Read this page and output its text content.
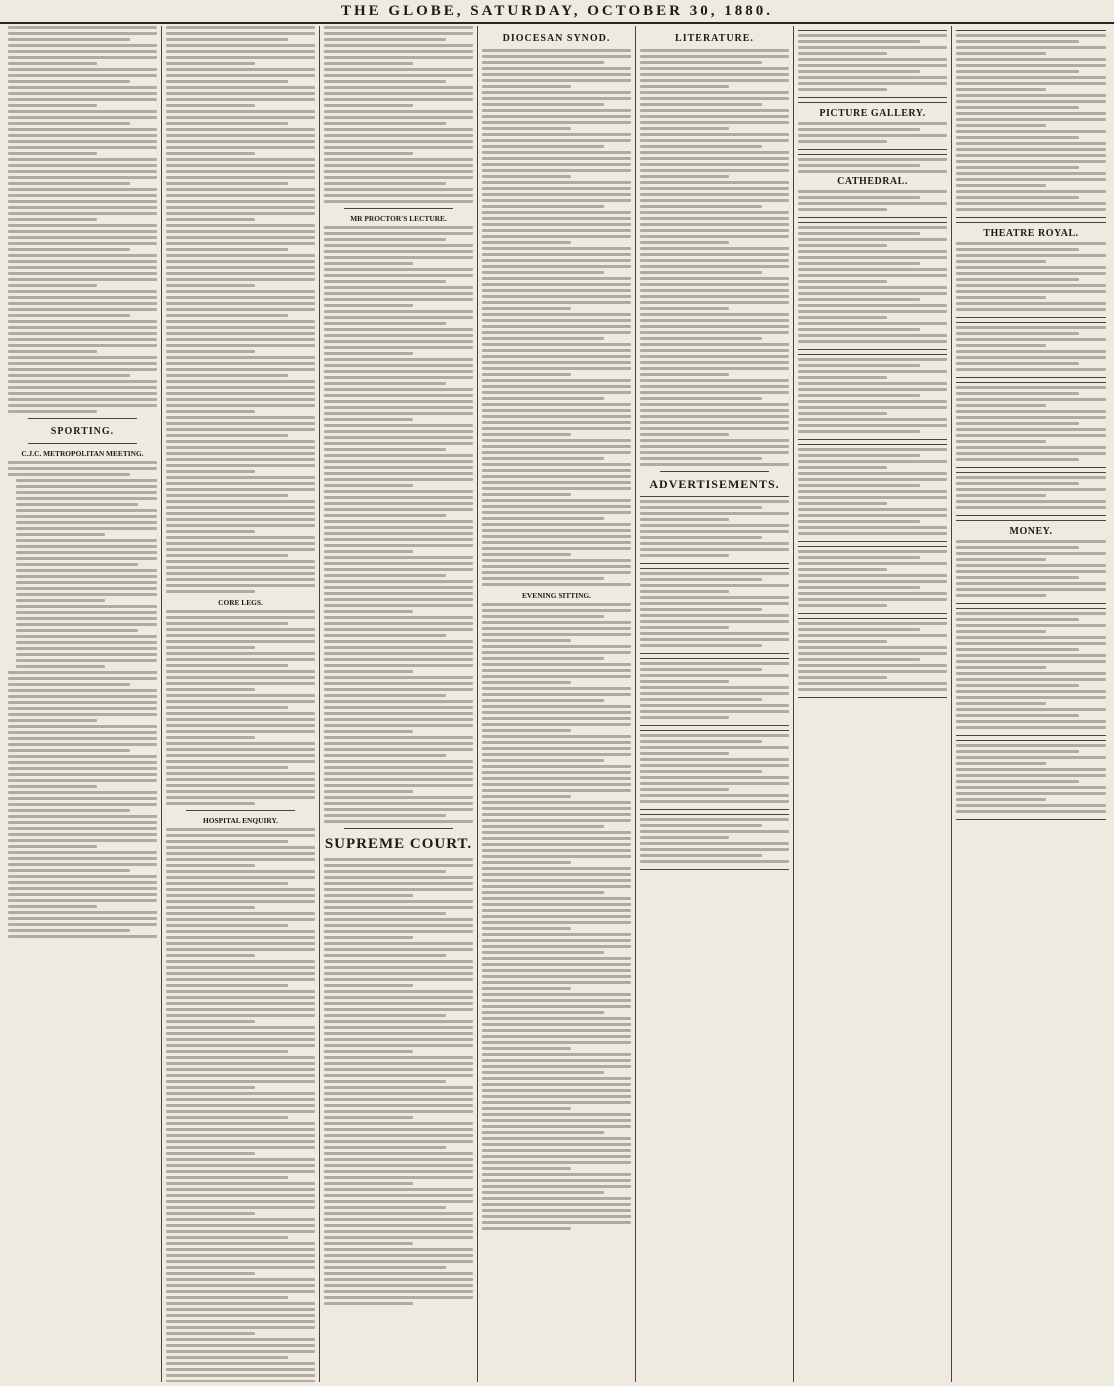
THE GLOBE, SATURDAY, OCTOBER 30, 1880.
SPORTING.
C.J.C. METROPOLITAN MEETING.
CORE LEGS.
HOSPITAL ENQUIRY.
MR PROCTOR'S LECTURE.
SUPREME COURT.
DIOCESAN SYNOD.
EVENING SITTING.
LITERATURE.
ADVERTISEMENTS.
PICTURE GALLERY.
CATHEDRAL.
THEATRE ROYAL.
MONEY.
